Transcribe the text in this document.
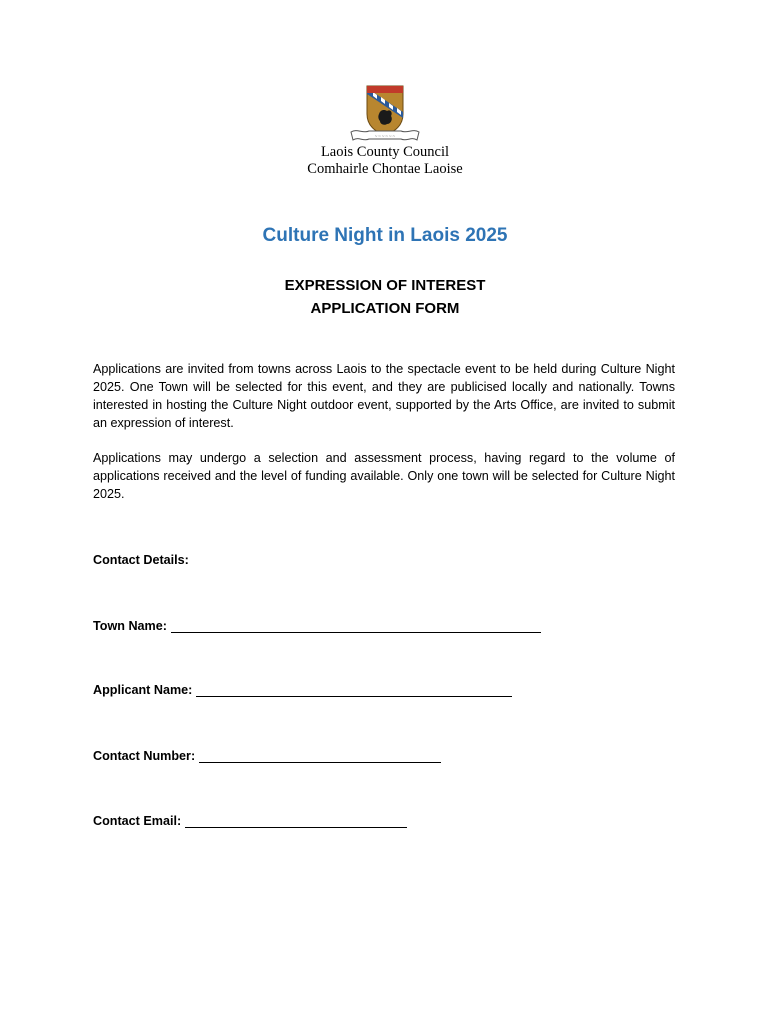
~ ~ ~ ~ ~ ~
Laois County Council
Comhairle Chontae Laoise
Culture Night in Laois 2025
EXPRESSION OF INTEREST
APPLICATION FORM

Applications are invited from towns across Laois to the spectacle event to be held during Culture Night 2025. One Town will be selected for this event, and they are publicised locally and nationally. Towns interested in hosting the Culture Night outdoor event, supported by the Arts Office, are invited to submit an expression of interest.

Applications may undergo a selection and assessment process, having regard to the volume of applications received and the level of funding available. Only one town will be selected for Culture Night 2025.

Contact Details:
Town Name:
Applicant Name:
Contact Number:
Contact Email:
